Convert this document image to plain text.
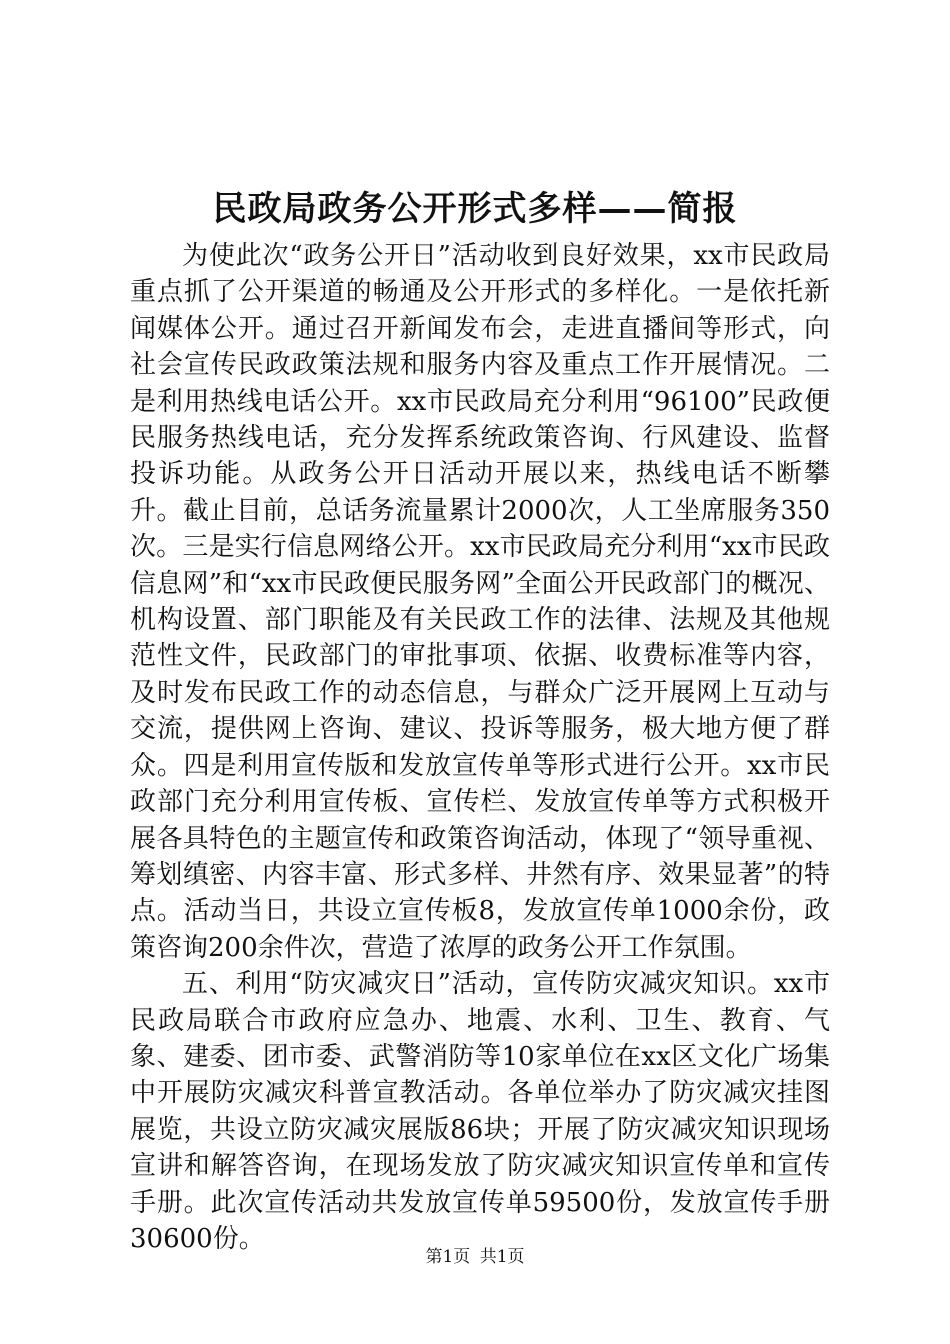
民政局政务公开形式多样——简报

为使此次“政务公开日”活动收到良好效果，xx市民政局重点抓了公开渠道的畅通及公开形式的多样化。一是依托新闻媒体公开。通过召开新闻发布会，走进直播间等形式，向社会宣传民政政策法规和服务内容及重点工作开展情况。二是利用热线电话公开。xx市民政局充分利用“96100”民政便民服务热线电话，充分发挥系统政策咨询、行风建设、监督投诉功能。从政务公开日活动开展以来，热线电话不断攀升。截止目前，总话务流量累计2000次，人工坐席服务350次。三是实行信息网络公开。xx市民政局充分利用“xx市民政信息网”和“xx市民政便民服务网”全面公开民政部门的概况、机构设置、部门职能及有关民政工作的法律、法规及其他规范性文件，民政部门的审批事项、依据、收费标准等内容，及时发布民政工作的动态信息，与群众广泛开展网上互动与交流，提供网上咨询、建议、投诉等服务，极大地方便了群众。四是利用宣传版和发放宣传单等形式进行公开。xx市民政部门充分利用宣传板、宣传栏、发放宣传单等方式积极开展各具特色的主题宣传和政策咨询活动，体现了“领导重视、筹划缜密、内容丰富、形式多样、井然有序、效果显著”的特点。活动当日，共设立宣传板8，发放宣传单1000余份，政策咨询200余件次，营造了浓厚的政务公开工作氛围。

五、利用“防灾减灾日”活动，宣传防灾减灾知识。xx市民政局联合市政府应急办、地震、水利、卫生、教育、气象、建委、团市委、武警消防等10家单位在xx区文化广场集中开展防灾减灾科普宣教活动。各单位举办了防灾减灾挂图展览，共设立防灾减灾展版86块；开展了防灾减灾知识现场宣讲和解答咨询，在现场发放了防灾减灾知识宣传单和宣传手册。此次宣传活动共发放宣传单59500份，发放宣传手册30600份。

第1页 共1页
